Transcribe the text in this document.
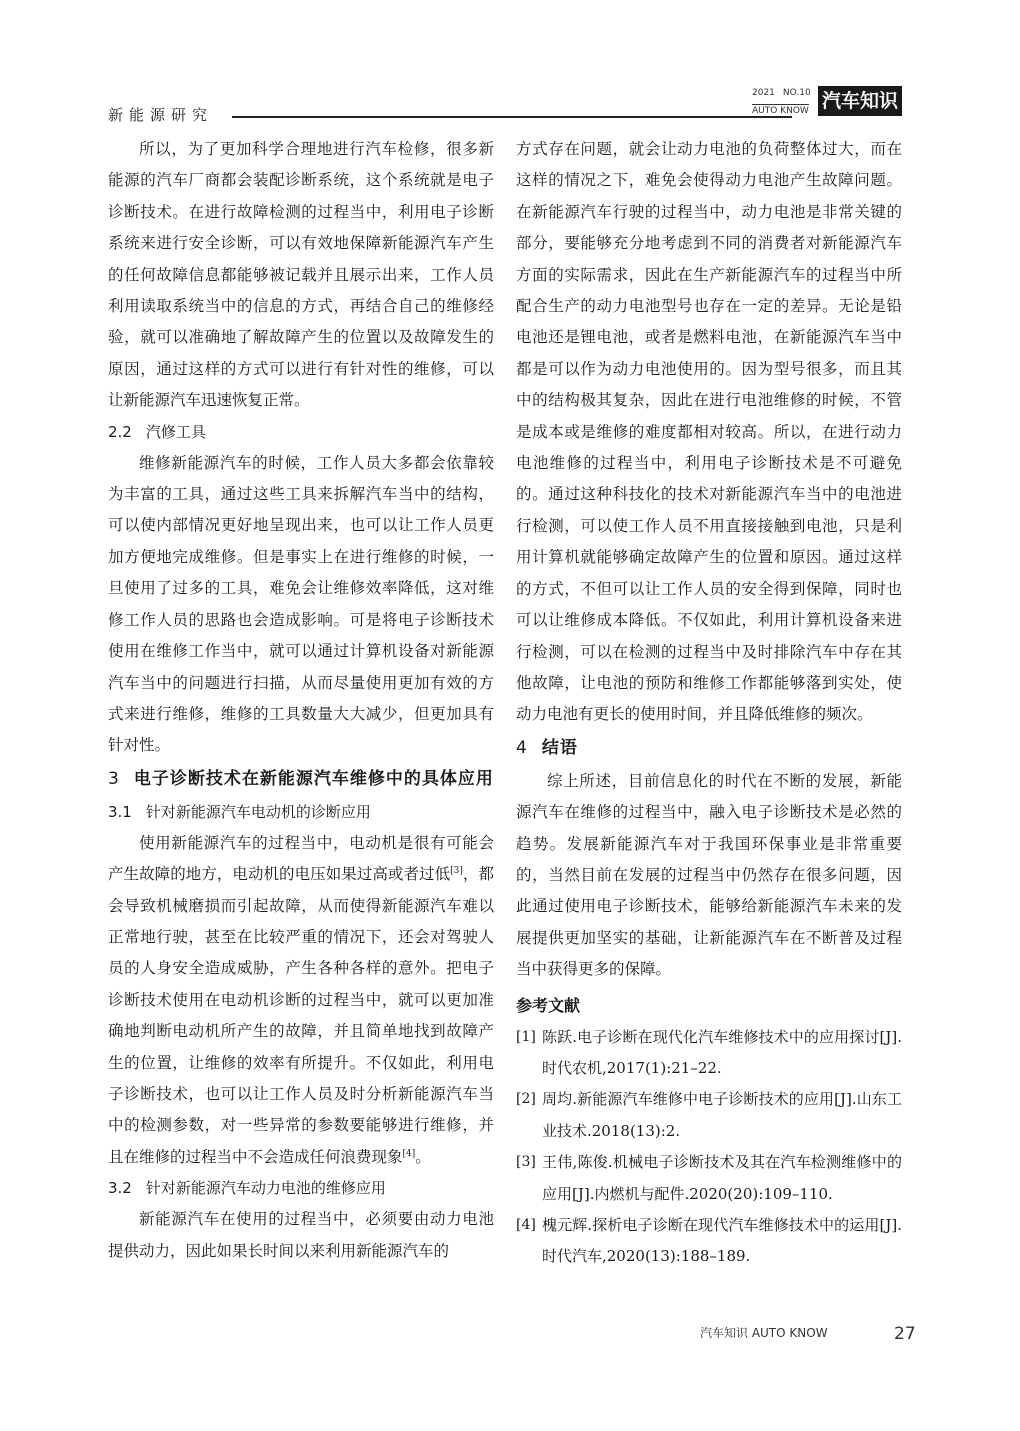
新能源研究
2021 NO.10
AUTO KNOW 汽车知识

所以，为了更加科学合理地进行汽车检修，很多新能源的汽车厂商都会装配诊断系统，这个系统就是电子诊断技术。在进行故障检测的过程当中，利用电子诊断系统来进行安全诊断，可以有效地保障新能源汽车产生的任何故障信息都能够被记载并且展示出来，工作人员利用读取系统当中的信息的方式，再结合自己的维修经验，就可以准确地了解故障产生的位置以及故障发生的原因，通过这样的方式可以进行有针对性的维修，可以让新能源汽车迅速恢复正常。

2.2 汽修工具

维修新能源汽车的时候，工作人员大多都会依靠较为丰富的工具，通过这些工具来拆解汽车当中的结构，可以使内部情况更好地呈现出来，也可以让工作人员更加方便地完成维修。但是事实上在进行维修的时候，一旦使用了过多的工具，难免会让维修效率降低，这对维修工作人员的思路也会造成影响。可是将电子诊断技术使用在维修工作当中，就可以通过计算机设备对新能源汽车当中的问题进行扫描，从而尽量使用更加有效的方式来进行维修，维修的工具数量大大减少，但更加具有针对性。

3 电子诊断技术在新能源汽车维修中的具体应用

3.1 针对新能源汽车电动机的诊断应用

使用新能源汽车的过程当中，电动机是很有可能会产生故障的地方，电动机的电压如果过高或者过低[3]，都会导致机械磨损而引起故障，从而使得新能源汽车难以正常地行驶，甚至在比较严重的情况下，还会对驾驶人员的人身安全造成威胁，产生各种各样的意外。把电子诊断技术使用在电动机诊断的过程当中，就可以更加准确地判断电动机所产生的故障，并且简单地找到故障产生的位置，让维修的效率有所提升。不仅如此，利用电子诊断技术，也可以让工作人员及时分析新能源汽车当中的检测参数，对一些异常的参数要能够进行维修，并且在维修的过程当中不会造成任何浪费现象[4]。

3.2 针对新能源汽车动力电池的维修应用

新能源汽车在使用的过程当中，必须要由动力电池提供动力，因此如果长时间以来利用新能源汽车的

方式存在问题，就会让动力电池的负荷整体过大，而在这样的情况之下，难免会使得动力电池产生故障问题。在新能源汽车行驶的过程当中，动力电池是非常关键的部分，要能够充分地考虑到不同的消费者对新能源汽车方面的实际需求，因此在生产新能源汽车的过程当中所配合生产的动力电池型号也存在一定的差异。无论是铅电池还是锂电池，或者是燃料电池，在新能源汽车当中都是可以作为动力电池使用的。因为型号很多，而且其中的结构极其复杂，因此在进行电池维修的时候，不管是成本或是维修的难度都相对较高。所以，在进行动力电池维修的过程当中，利用电子诊断技术是不可避免的。通过这种科技化的技术对新能源汽车当中的电池进行检测，可以使工作人员不用直接接触到电池，只是利用计算机就能够确定故障产生的位置和原因。通过这样的方式，不但可以让工作人员的安全得到保障，同时也可以让维修成本降低。不仅如此，利用计算机设备来进行检测，可以在检测的过程当中及时排除汽车中存在其他故障，让电池的预防和维修工作都能够落到实处，使动力电池有更长的使用时间，并且降低维修的频次。

4 结语

综上所述，目前信息化的时代在不断的发展，新能源汽车在维修的过程当中，融入电子诊断技术是必然的趋势。发展新能源汽车对于我国环保事业是非常重要的，当然目前在发展的过程当中仍然存在很多问题，因此通过使用电子诊断技术，能够给新能源汽车未来的发展提供更加坚实的基础，让新能源汽车在不断普及过程当中获得更多的保障。

参考文献

[1] 陈跃.电子诊断在现代化汽车维修技术中的应用探讨[J].时代农机,2017(1):21–22.
[2] 周均.新能源汽车维修中电子诊断技术的应用[J].山东工业技术.2018(13):2.
[3] 王伟,陈俊.机械电子诊断技术及其在汽车检测维修中的应用[J].内燃机与配件.2020(20):109–110.
[4] 槐元辉.探析电子诊断在现代汽车维修技术中的运用[J].时代汽车,2020(13):188–189.
汽车知识 AUTO KNOW	27
